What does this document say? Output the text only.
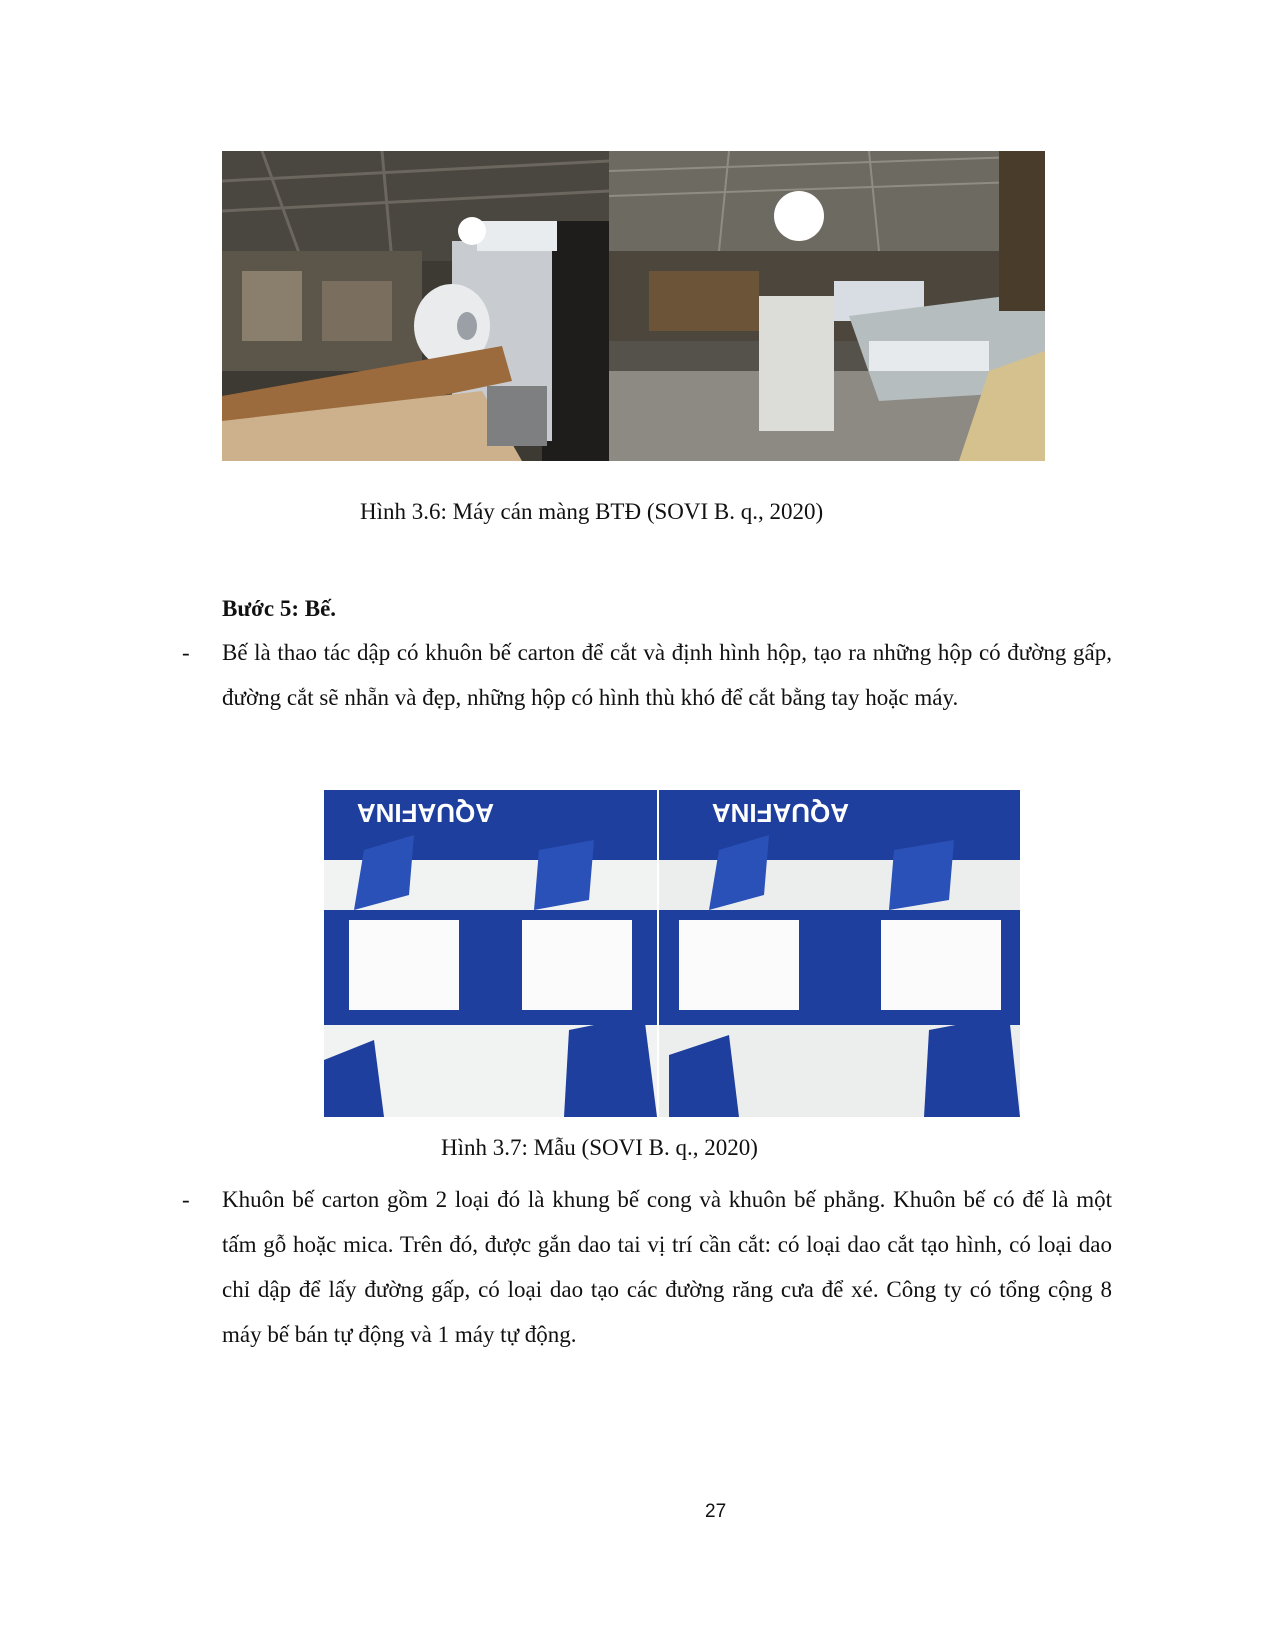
Hình 3.6: Máy cán màng BTĐ (SOVI B. q., 2020)
Bước 5: Bế.
- Bế là thao tác dập có khuôn bế carton để cắt và định hình hộp, tạo ra những hộp có đường gấp, đường cắt sẽ nhẵn và đẹp, những hộp có hình thù khó để cắt bằng tay hoặc máy.
AQUAFINA	AQUAFINA
Hình 3.7: Mẫu (SOVI B. q., 2020)
- Khuôn bế carton gồm 2 loại đó là khung bế cong và khuôn bế phẳng. Khuôn bế có đế là một tấm gỗ hoặc mica. Trên đó, được gắn dao tai vị trí cần cắt: có loại dao cắt tạo hình, có loại dao chỉ dập để lấy đường gấp, có loại dao tạo các đường răng cưa để xé. Công ty có tổng cộng 8 máy bế bán tự động và 1 máy tự động.
27
